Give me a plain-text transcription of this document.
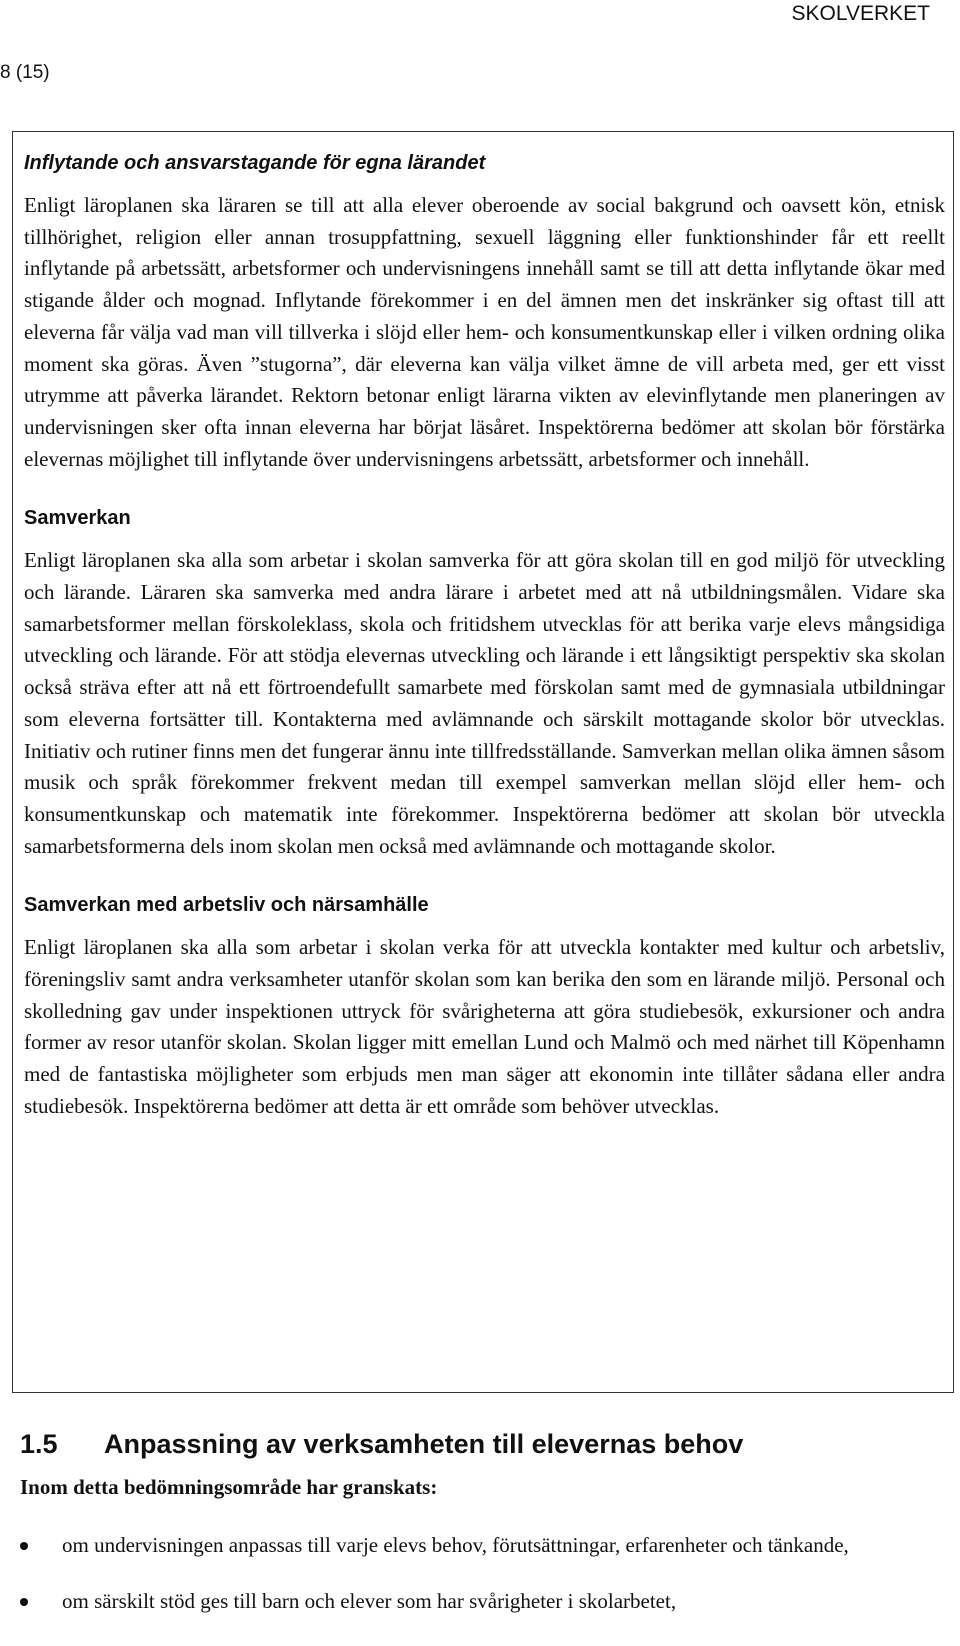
SKOLVERKET
8 (15)
Inflytande och ansvarstagande för egna lärandet

Enligt läroplanen ska läraren se till att alla elever oberoende av social bakgrund och oavsett kön, etnisk tillhörighet, religion eller annan trosuppfattning, sexuell läggning eller funktionshinder får ett reellt inflytande på arbetssätt, arbetsformer och undervisningens innehåll samt se till att detta inflytande ökar med stigande ålder och mognad. Inflytande förekommer i en del ämnen men det inskränker sig oftast till att eleverna får välja vad man vill tillverka i slöjd eller hem- och konsumentkunskap eller i vilken ordning olika moment ska göras. Även ”stugorna”, där eleverna kan välja vilket ämne de vill arbeta med, ger ett visst utrymme att påverka lärandet. Rektorn betonar enligt lärarna vikten av elevinflytande men planeringen av undervisningen sker ofta innan eleverna har börjat läsåret. Inspektörerna bedömer att skolan bör förstärka elevernas möjlighet till inflytande över undervisningens arbetssätt, arbetsformer och innehåll.

Samverkan

Enligt läroplanen ska alla som arbetar i skolan samverka för att göra skolan till en god miljö för utveckling och lärande. Läraren ska samverka med andra lärare i arbetet med att nå utbildningsmålen. Vidare ska samarbetsformer mellan förskoleklass, skola och fritidshem utvecklas för att berika varje elevs mångsidiga utveckling och lärande. För att stödja elevernas utveckling och lärande i ett långsiktigt perspektiv ska skolan också sträva efter att nå ett förtroendefullt samarbete med förskolan samt med de gymnasiala utbildningar som eleverna fortsätter till. Kontakterna med avlämnande och särskilt mottagande skolor bör utvecklas. Initiativ och rutiner finns men det fungerar ännu inte tillfredsställande. Samverkan mellan olika ämnen såsom musik och språk förekommer frekvent medan till exempel samverkan mellan slöjd eller hem- och konsumentkunskap och matematik inte förekommer. Inspektörerna bedömer att skolan bör utveckla samarbetsformerna dels inom skolan men också med avlämnande och mottagande skolor.

Samverkan med arbetsliv och närsamhälle

Enligt läroplanen ska alla som arbetar i skolan verka för att utveckla kontakter med kultur och arbetsliv, föreningsliv samt andra verksamheter utanför skolan som kan berika den som en lärande miljö. Personal och skolledning gav under inspektionen uttryck för svårigheterna att göra studiebesök, exkursioner och andra former av resor utanför skolan. Skolan ligger mitt emellan Lund och Malmö och med närhet till Köpenhamn med de fantastiska möjligheter som erbjuds men man säger att ekonomin inte tillåter sådana eller andra studiebesök. Inspektörerna bedömer att detta är ett område som behöver utvecklas.

1.5	Anpassning av verksamheten till elevernas behov
Inom detta bedömningsområde har granskats:
om undervisningen anpassas till varje elevs behov, förutsättningar, erfarenheter och tänkande,
om särskilt stöd ges till barn och elever som har svårigheter i skolarbetet,
